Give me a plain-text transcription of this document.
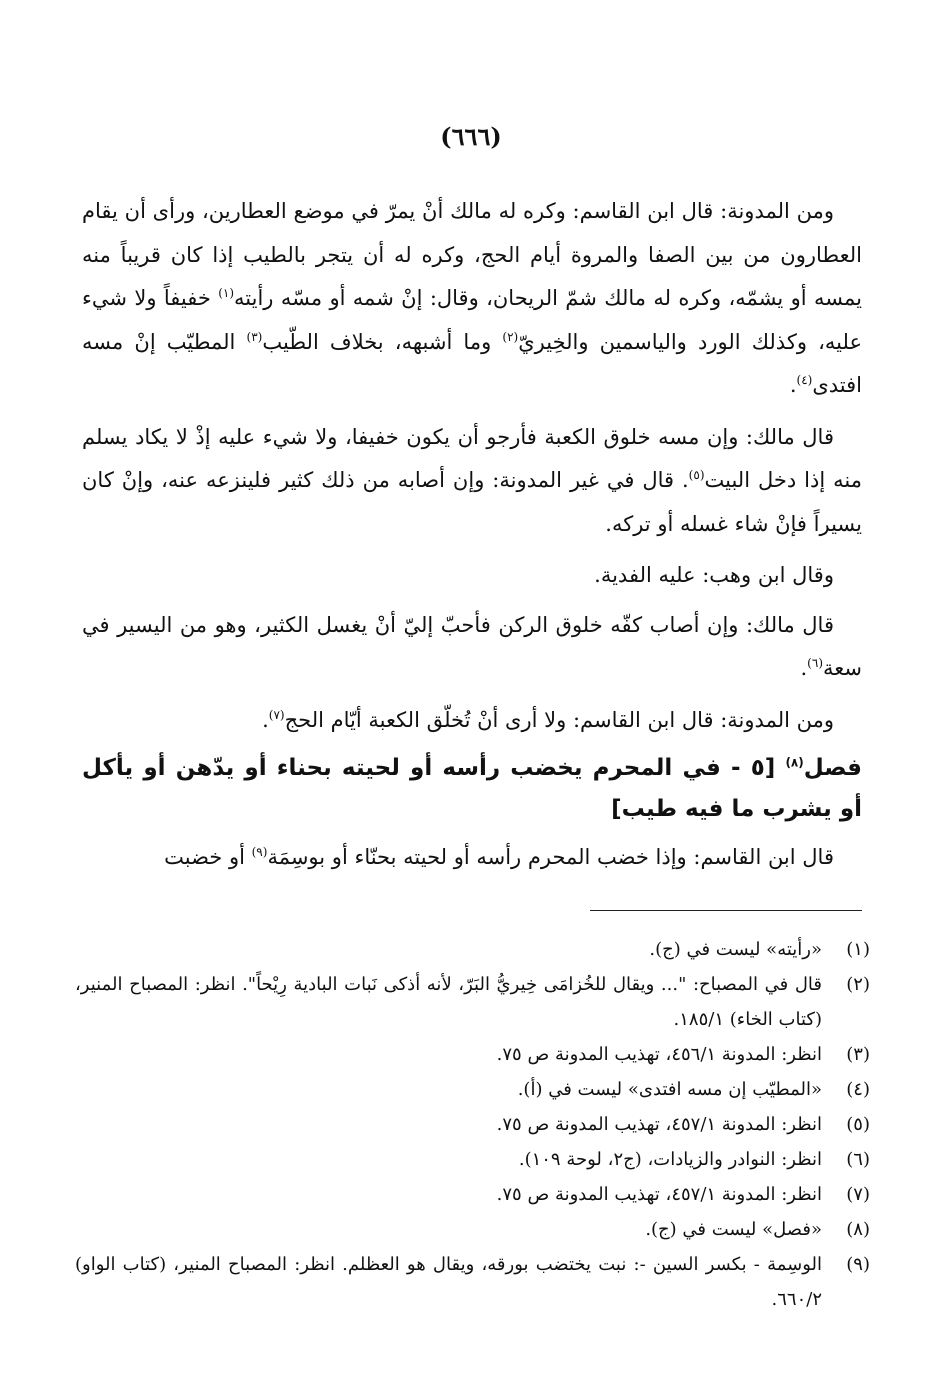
(٦٦٦)

ومن المدونة: قال ابن القاسم: وكره له مالك أنْ يمرّ في موضع العطارين، ورأى أن يقام العطارون من بين الصفا والمروة أيام الحج، وكره له أن يتجر بالطيب إذا كان قريباً منه يمسه أو يشمّه، وكره له مالك شمّ الريحان، وقال: إنْ شمه أو مسّه رأيته$^{(١)}$ خفيفاً ولا شيء عليه، وكذلك الورد والياسمين والخِيريّ$^{(٢)}$ وما أشبهه، بخلاف الطّيب$^{(٣)}$ المطيّب إنْ مسه افتدى$^{(٤)}$.

قال مالك: وإن مسه خلوق الكعبة فأرجو أن يكون خفيفا، ولا شيء عليه إذْ لا يكاد يسلم منه إذا دخل البيت$^{(٥)}$. قال في غير المدونة: وإن أصابه من ذلك كثير فلينزعه عنه، وإنْ كان يسيراً فإنْ شاء غسله أو تركه.

وقال ابن وهب: عليه الفدية.

قال مالك: وإن أصاب كفّه خلوق الركن فأحبّ إليّ أنْ يغسل الكثير، وهو من اليسير في سعة$^{(٦)}$.

ومن المدونة: قال ابن القاسم: ولا أرى أنْ تُخلّق الكعبة أيّام الحج$^{(٧)}$.

فصل$^{(٨)}$ [٥ - في المحرم يخضب رأسه أو لحيته بحناء أو يدّهن أو يأكل أو يشرب ما فيه طيب]

قال ابن القاسم: وإذا خضب المحرم رأسه أو لحيته بحنّاء أو بوسِمَة$^{(٩)}$ أو خضبت

(١)
«رأيته» ليست في (ج).
(٢)
قال في المصباح: "... ويقال للخُزامَى خِيريُّ البَرّ، لأنه أذكى نَبات البادية رِيْحاً". انظر: المصباح المنير، (كتاب الخاء) ١٨٥/١.
(٣)
انظر: المدونة ٤٥٦/١، تهذيب المدونة ص ٧٥.
(٤)
«المطيّب إن مسه افتدى» ليست في (أ).
(٥)
انظر: المدونة ٤٥٧/١، تهذيب المدونة ص ٧٥.
(٦)
انظر: النوادر والزيادات، (ج٢، لوحة ١٠٩).
(٧)
انظر: المدونة ٤٥٧/١، تهذيب المدونة ص ٧٥.
(٨)
«فصل» ليست في (ج).
(٩)
الوسِمة - بكسر السين -: نبت يختضب بورقه، ويقال هو العظلم. انظر: المصباح المنير، (كتاب الواو) ٦٦٠/٢.
